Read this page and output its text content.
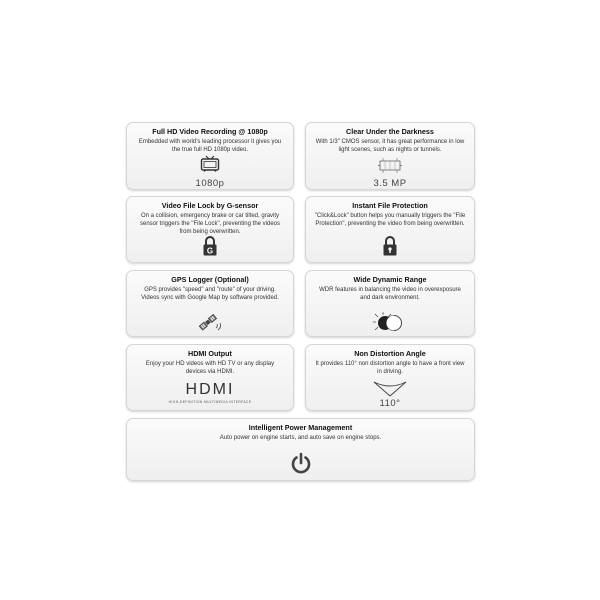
Full HD Video Recording @ 1080p
Embedded with world’s leading processor it gives you the true full HD 1080p video.
1080p
Clear Under the Darkness
With 1/3" CMOS sensor, it has great performance in low light scenes, such as nights or tunnels.
3.5 MP
Video File Lock by G-sensor
On a collision, emergency brake or car tilted, gravity sensor triggers the "File Lock", preventing the videos from being overwritten.
G
Instant File Protection
"Click&Lock" button helps you manually triggers the "File Protection", preventing the video from being overwritten.
GPS Logger (Optional)
GPS provides "speed" and "route" of your driving. Videos sync with Google Map by software provided.
Wide Dynamic Range
WDR features in balancing the video in overexposure and dark environment.
HDMI Output
Enjoy your HD videos with HD TV or any display devices via HDMI.
HDMI
HIGH-DEFINITION MULTIMEDIA INTERFACE
Non Distortion Angle
It provides 110° non distortion angle to have a front view in driving.
110°
Intelligent Power Management
Auto power on engine starts, and auto save on engine stops.
